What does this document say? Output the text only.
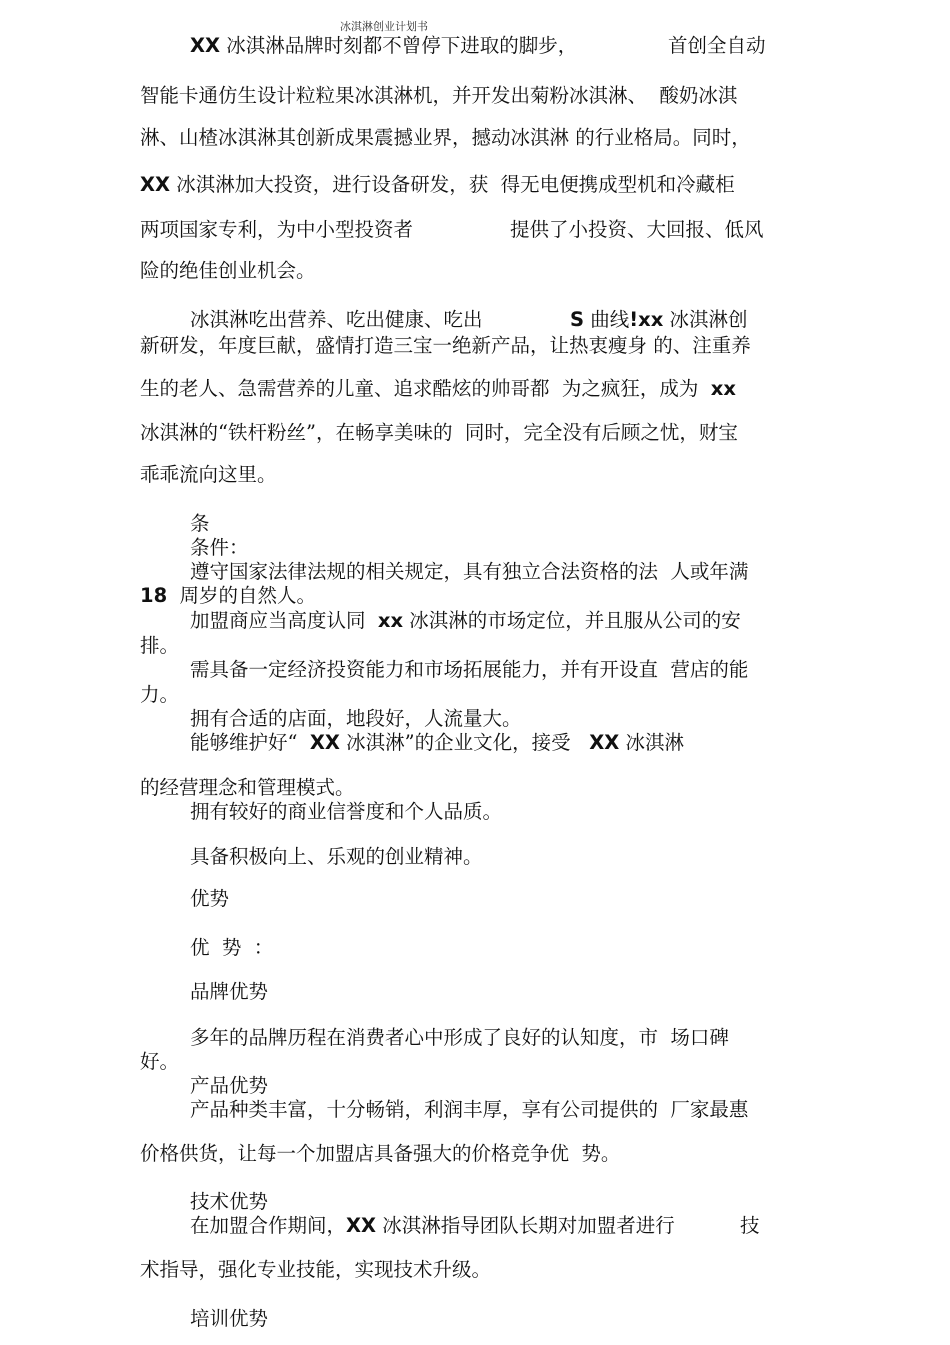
冰淇淋创业计划书
XX 冰淇淋品牌时刻都不曾停下进取的脚步，	首创全自动
智能卡通仿生设计粒粒果冰淇淋机，并开发出菊粉冰淇淋、  酸奶冰淇
淋、山楂冰淇淋其创新成果震撼业界，撼动冰淇淋 的行业格局。同时，
XX 冰淇淋加大投资，进行设备研发，获  得无电便携成型机和冷藏柜
两项国家专利，为中小型投资者	提供了小投资、大回报、低风
险的绝佳创业机会。
冰淇淋吃出营养、吃出健康、吃出	S 曲线!xx 冰淇淋创
新研发，年度巨献，盛情打造三宝一绝新产品，让热衷瘦身 的、注重养
生的老人、急需营养的儿童、追求酷炫的帅哥都  为之疯狂，成为  xx
冰淇淋的“铁杆粉丝”，在畅享美味的  同时，完全没有后顾之忧，财宝
乖乖流向这里。
条
条件：
遵守国家法律法规的相关规定，具有独立合法资格的法  人或年满
18  周岁的自然人。
加盟商应当高度认同  xx 冰淇淋的市场定位，并且服从公司的安
排。
需具备一定经济投资能力和市场拓展能力，并有开设直  营店的能
力。
拥有合适的店面，地段好，人流量大。
能够维护好“  XX 冰淇淋”的企业文化，接受   XX 冰淇淋
的经营理念和管理模式。
拥有较好的商业信誉度和个人品质。
具备积极向上、乐观的创业精神。
优势
优  势  ：
品牌优势
多年的品牌历程在消费者心中形成了良好的认知度，市  场口碑
好。
产品优势
产品种类丰富，十分畅销，利润丰厚，享有公司提供的  厂家最惠
价格供货，让每一个加盟店具备强大的价格竞争优  势。
技术优势
在加盟合作期间，XX 冰淇淋指导团队长期对加盟者进行	技
术指导，强化专业技能，实现技术升级。
培训优势
